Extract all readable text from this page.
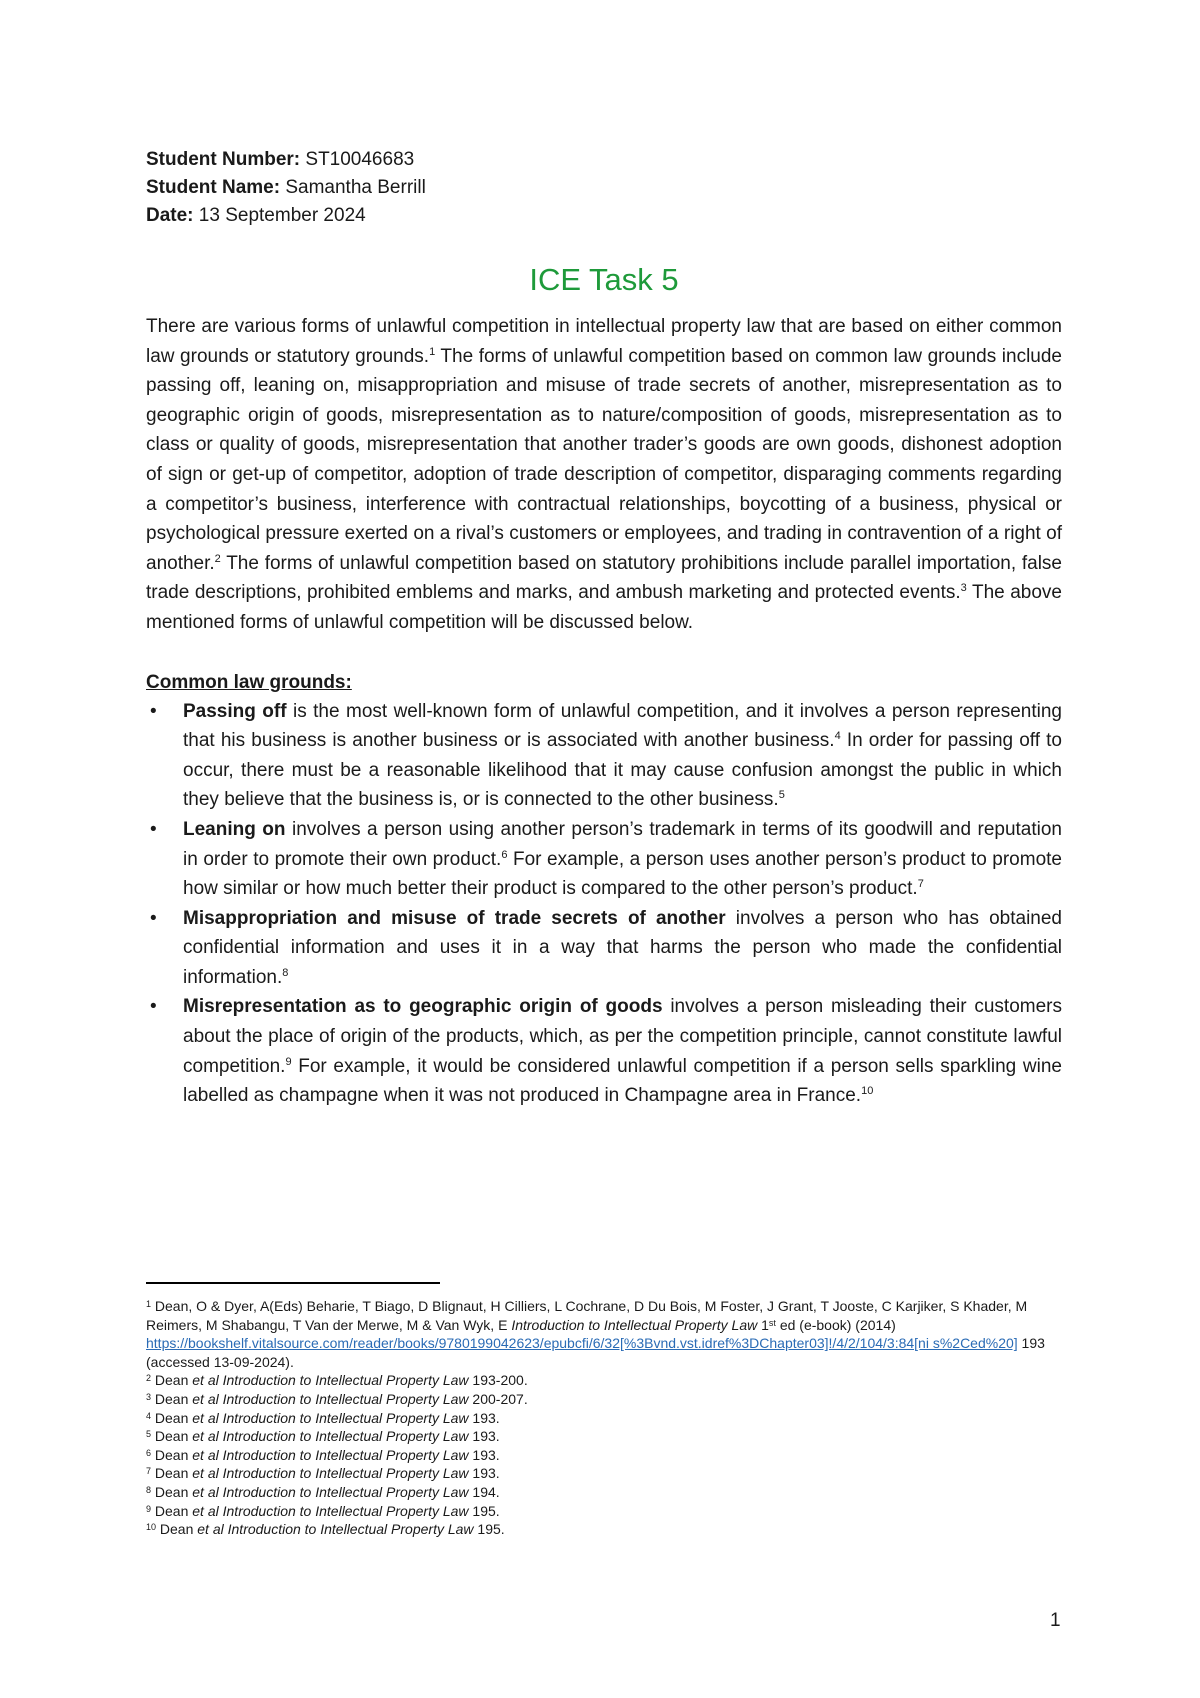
Student Number: ST10046683

Student Name: Samantha Berrill

Date: 13 September 2024

ICE Task 5

There are various forms of unlawful competition in intellectual property law that are based on either common law grounds or statutory grounds.$^1$ The forms of unlawful competition based on common law grounds include passing off, leaning on, misappropriation and misuse of trade secrets of another, misrepresentation as to geographic origin of goods, misrepresentation as to nature/composition of goods, misrepresentation as to class or quality of goods, misrepresentation that another trader’s goods are own goods, dishonest adoption of sign or get-up of competitor, adoption of trade description of competitor, disparaging comments regarding a competitor’s business, interference with contractual relationships, boycotting of a business, physical or psychological pressure exerted on a rival’s customers or employees, and trading in contravention of a right of another.$^2$ The forms of unlawful competition based on statutory prohibitions include parallel importation, false trade descriptions, prohibited emblems and marks, and ambush marketing and protected events.$^3$ The above mentioned forms of unlawful competition will be discussed below.

Common law grounds:

• Passing off is the most well-known form of unlawful competition, and it involves a person representing that his business is another business or is associated with another business.$^4$ In order for passing off to occur, there must be a reasonable likelihood that it may cause confusion amongst the public in which they believe that the business is, or is connected to the other business.$^5$
• Leaning on involves a person using another person’s trademark in terms of its goodwill and reputation in order to promote their own product.$^6$ For example, a person uses another person’s product to promote how similar or how much better their product is compared to the other person’s product.$^7$
• Misappropriation and misuse of trade secrets of another involves a person who has obtained confidential information and uses it in a way that harms the person who made the confidential information.$^8$
• Misrepresentation as to geographic origin of goods involves a person misleading their customers about the place of origin of the products, which, as per the competition principle, cannot constitute lawful competition.$^9$ For example, it would be considered unlawful competition if a person sells sparkling wine labelled as champagne when it was not produced in Champagne area in France.$^{10}$

$^1$ Dean, O & Dyer, A(Eds) Beharie, T Biago, D Blignaut, H Cilliers, L Cochrane, D Du Bois, M Foster, J Grant, T Jooste, C Karjiker, S Khader, M Reimers, M Shabangu, T Van der Merwe, M & Van Wyk, E Introduction to Intellectual Property Law 1st ed (e-book) (2014)
https://bookshelf.vitalsource.com/reader/books/9780199042623/epubcfi/6/32[%3Bvnd.vst.idref%3DChapter03]!/4/2/104/3:84[ni s%2Ced%20] 193 (accessed 13-09-2024).

$^2$ Dean et al Introduction to Intellectual Property Law 193-200.

$^3$ Dean et al Introduction to Intellectual Property Law 200-207.

$^4$ Dean et al Introduction to Intellectual Property Law 193.

$^5$ Dean et al Introduction to Intellectual Property Law 193.

$^6$ Dean et al Introduction to Intellectual Property Law 193.

$^7$ Dean et al Introduction to Intellectual Property Law 193.

$^8$ Dean et al Introduction to Intellectual Property Law 194.

$^9$ Dean et al Introduction to Intellectual Property Law 195.

$^{10}$ Dean et al Introduction to Intellectual Property Law 195.

1
